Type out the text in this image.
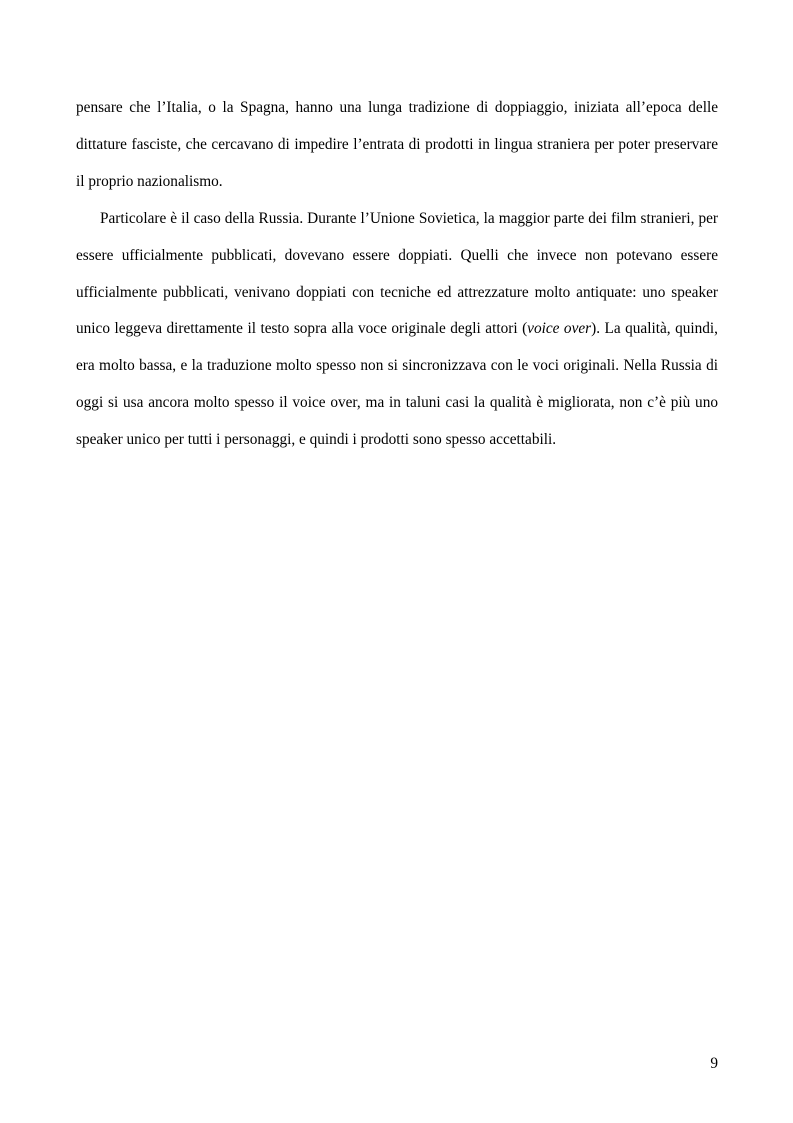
pensare che l’Italia, o la Spagna, hanno una lunga tradizione di doppiaggio, iniziata all’epoca delle dittature fasciste, che cercavano di impedire l’entrata di prodotti in lingua straniera per poter preservare il proprio nazionalismo.

Particolare è il caso della Russia. Durante l’Unione Sovietica, la maggior parte dei film stranieri, per essere ufficialmente pubblicati, dovevano essere doppiati. Quelli che invece non potevano essere ufficialmente pubblicati, venivano doppiati con tecniche ed attrezzature molto antiquate: uno speaker unico leggeva direttamente il testo sopra alla voce originale degli attori (voice over). La qualità, quindi, era molto bassa, e la traduzione molto spesso non si sincronizzava con le voci originali. Nella Russia di oggi si usa ancora molto spesso il voice over, ma in taluni casi la qualità è migliorata, non c’è più uno speaker unico per tutti i personaggi, e quindi i prodotti sono spesso accettabili.

9
